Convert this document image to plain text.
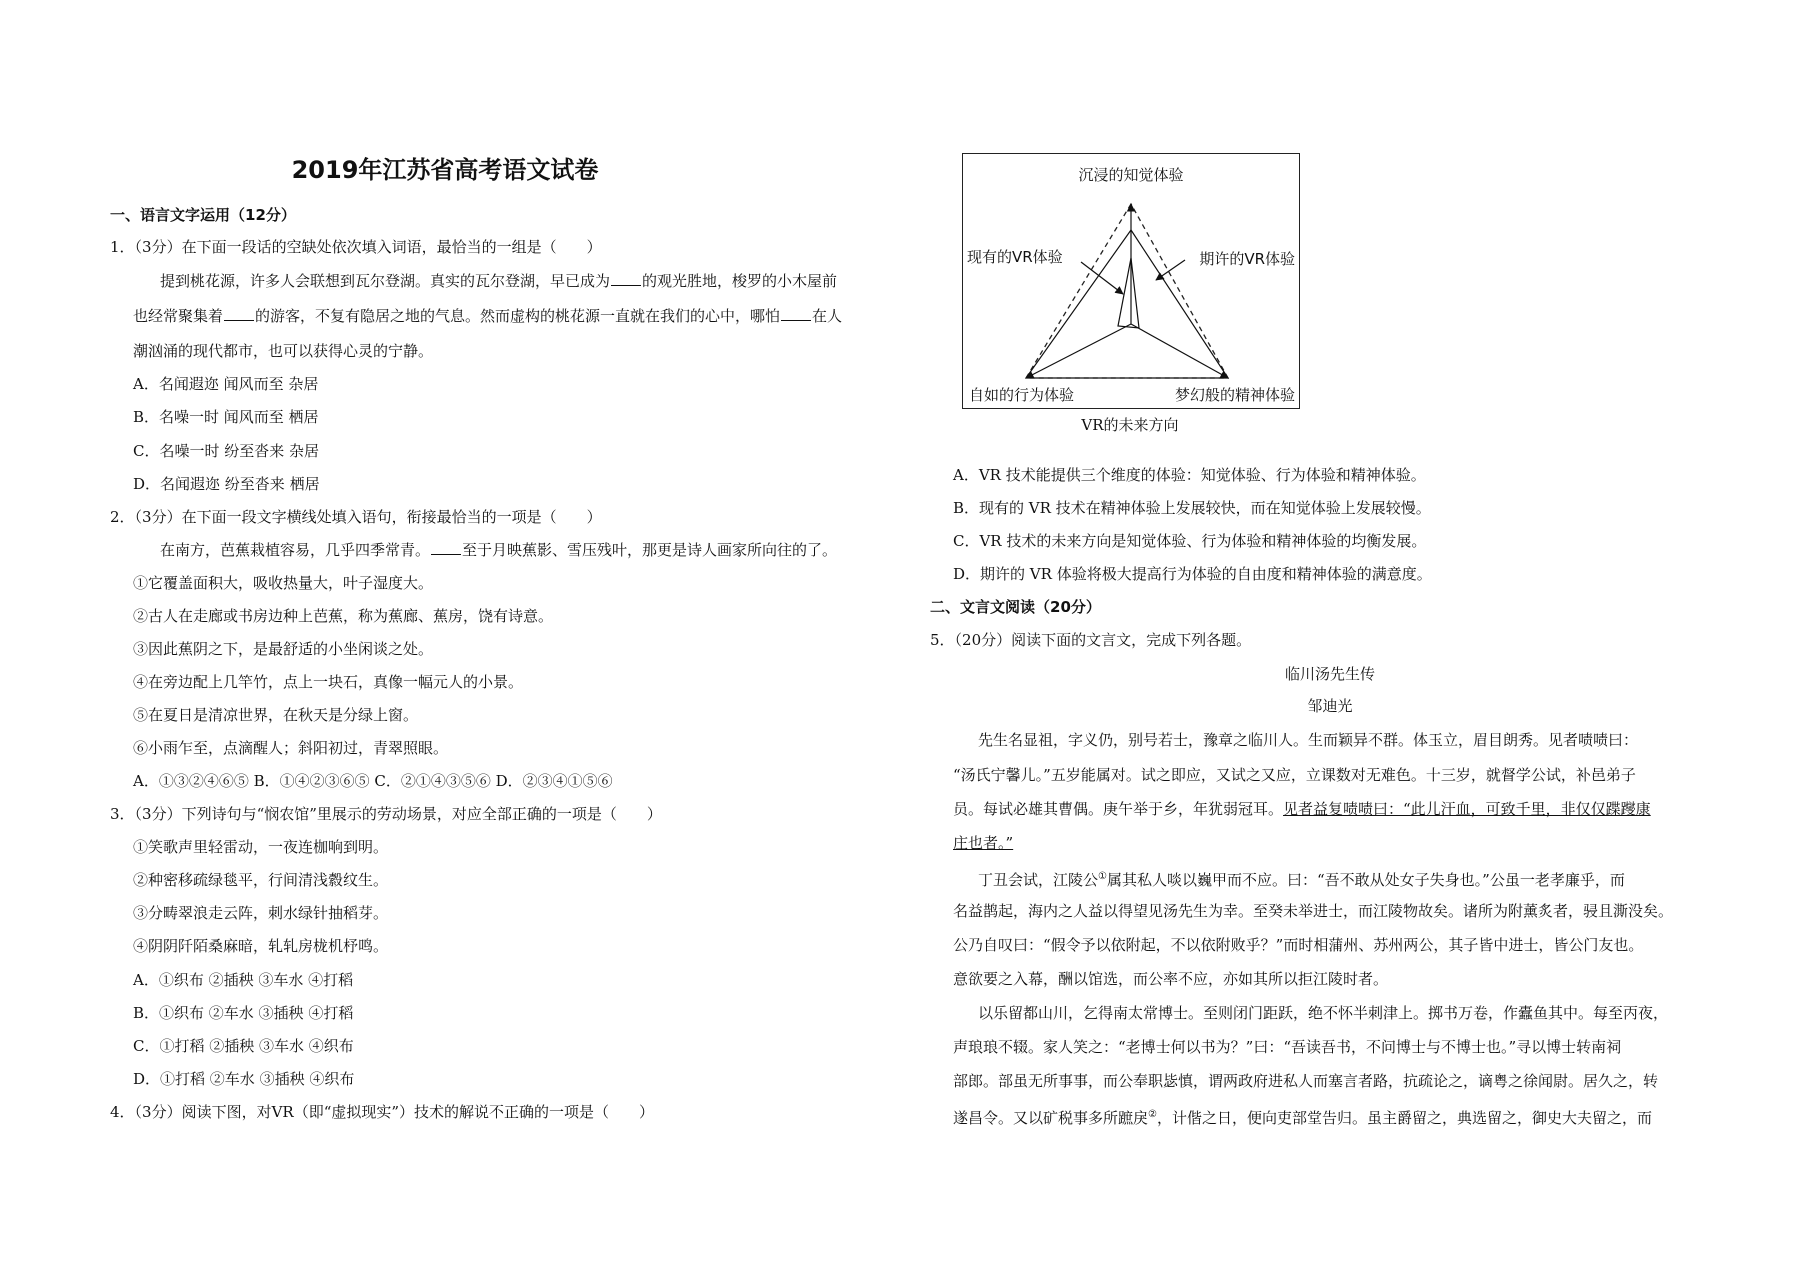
2019年江苏省高考语文试卷
一、语言文字运用（12分）
1．（3分）在下面一段话的空缺处依次填入词语，最恰当的一组是（　　）
提到桃花源，许多人会联想到瓦尔登湖。真实的瓦尔登湖，早已成为 的观光胜地，梭罗的小木屋前
也经常聚集着 的游客，不复有隐居之地的气息。然而虚构的桃花源一直就在我们的心中，哪怕 在人
潮汹涌的现代都市，也可以获得心灵的宁静。
A．名闻遐迩 闻风而至 杂居
B．名噪一时 闻风而至 栖居
C．名噪一时 纷至沓来 杂居
D．名闻遐迩 纷至沓来 栖居
2．（3分）在下面一段文字横线处填入语句，衔接最恰当的一项是（　　）
在南方，芭蕉栽植容易，几乎四季常青。 至于月映蕉影、雪压残叶，那更是诗人画家所向往的了。
①它覆盖面积大，吸收热量大，叶子湿度大。
②古人在走廊或书房边种上芭蕉，称为蕉廊、蕉房，饶有诗意。
③因此蕉阴之下，是最舒适的小坐闲谈之处。
④在旁边配上几竿竹，点上一块石，真像一幅元人的小景。
⑤在夏日是清凉世界，在秋天是分绿上窗。
⑥小雨乍至，点滴醒人；斜阳初过，青翠照眼。
A．①③②④⑥⑤ B．①④②③⑥⑤ C．②①④③⑤⑥ D．②③④①⑤⑥
3．（3分）下列诗句与“悯农馆”里展示的劳动场景，对应全部正确的一项是（　　）
①笑歌声里轻雷动，一夜连枷响到明。
②种密移疏绿毯平，行间清浅縠纹生。
③分畴翠浪走云阵，刺水绿针抽稻芽。
④阴阴阡陌桑麻暗，轧轧房栊机杼鸣。
A．①织布 ②插秧 ③车水 ④打稻
B．①织布 ②车水 ③插秧 ④打稻
C．①打稻 ②插秧 ③车水 ④织布
D．①打稻 ②车水 ③插秧 ④织布
4．（3分）阅读下图，对VR（即“虚拟现实”）技术的解说不正确的一项是（　　）
沉浸的知觉体验
现有的VR体验	期许的VR体验
自如的行为体验	梦幻般的精神体验
VR的未来方向
A．VR 技术能提供三个维度的体验：知觉体验、行为体验和精神体验。
B．现有的 VR 技术在精神体验上发展较快，而在知觉体验上发展较慢。
C．VR 技术的未来方向是知觉体验、行为体验和精神体验的均衡发展。
D．期许的 VR 体验将极大提高行为体验的自由度和精神体验的满意度。
二、文言文阅读（20分）
5．（20分）阅读下面的文言文，完成下列各题。
临川汤先生传
邹迪光
先生名显祖，字义仍，别号若士，豫章之临川人。生而颖异不群。体玉立，眉目朗秀。见者啧啧曰：
“汤氏宁馨儿。”五岁能属对。试之即应，又试之又应，立课数对无难色。十三岁，就督学公试，补邑弟子
员。每试必雄其曹偶。庚午举于乡，年犹弱冠耳。见者益复啧啧曰：“此儿汗血，可致千里，非仅仅蹀躞康
庄也者。”
丁丑会试，江陵公①属其私人啖以巍甲而不应。曰：“吾不敢从处女子失身也。”公虽一老孝廉乎，而
名益鹊起，海内之人益以得望见汤先生为幸。至癸未举进士，而江陵物故矣。诸所为附薰炙者，骎且澌没矣。
公乃自叹曰：“假令予以依附起，不以依附败乎？”而时相蒲州、苏州两公，其子皆中进士，皆公门友也。
意欲要之入幕，酬以馆选，而公率不应，亦如其所以拒江陵时者。
以乐留都山川，乞得南太常博士。至则闭门距跃，绝不怀半刺津上。掷书万卷，作蠹鱼其中。每至丙夜，
声琅琅不辍。家人笑之：“老博士何以书为？”曰：“吾读吾书，不问博士与不博士也。”寻以博士转南祠
部郎。部虽无所事事，而公奉职毖慎，谓两政府进私人而塞言者路，抗疏论之，谪粤之徐闻尉。居久之，转
遂昌令。又以矿税事多所蹠戾②，计偕之日，便向吏部堂告归。虽主爵留之，典选留之，御史大夫留之，而
